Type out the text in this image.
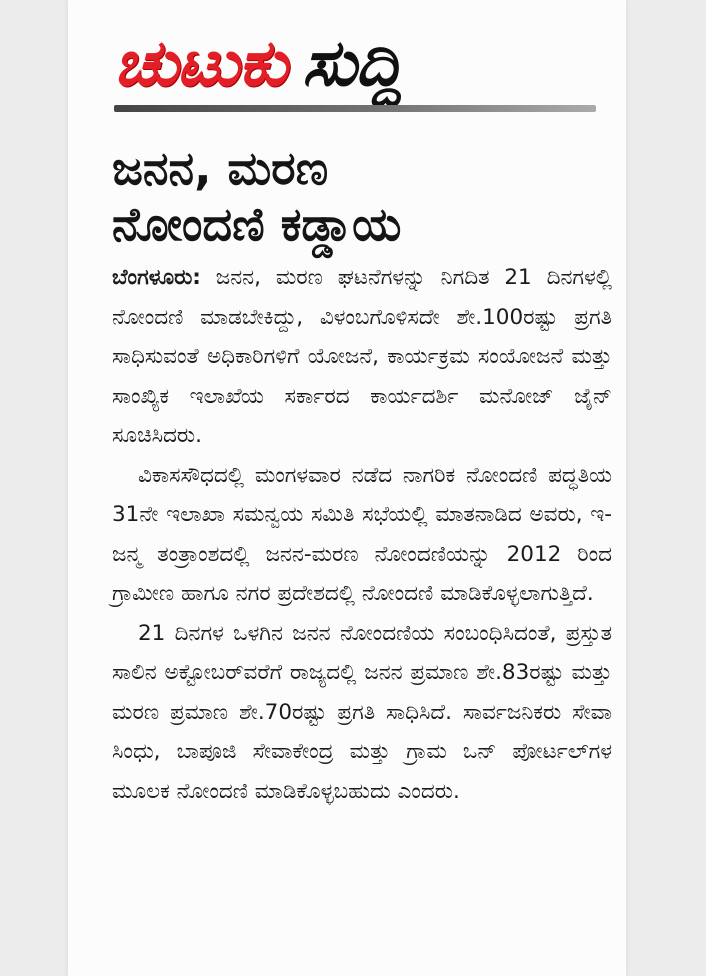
ಚುಟುಕು ಸುದ್ದಿ
ಜನನ, ಮರಣ
ನೋಂದಣಿ ಕಡ್ಡಾಯ

ಬೆಂಗಳೂರು: ಜನನ, ಮರಣ ಘಟನೆಗಳನ್ನು ನಿಗದಿತ 21 ದಿನಗಳಲ್ಲಿ ನೋಂದಣಿ ಮಾಡಬೇಕಿದ್ದು, ವಿಳಂಬಗೊಳಿಸದೇ ಶೇ.100ರಷ್ಟು ಪ್ರಗತಿ ಸಾಧಿಸುವಂತೆ ಅಧಿಕಾರಿಗಳಿಗೆ ಯೋಜನೆ, ಕಾರ್ಯಕ್ರಮ ಸಂಯೋಜನೆ ಮತ್ತು ಸಾಂಖ್ಯಿಕ ಇಲಾಖೆಯ ಸರ್ಕಾರದ ಕಾರ್ಯದರ್ಶಿ ಮನೋಜ್ ಜೈನ್ ಸೂಚಿಸಿದರು.

ವಿಕಾಸಸೌಧದಲ್ಲಿ ಮಂಗಳವಾರ ನಡೆದ ನಾಗರಿಕ ನೋಂದಣಿ ಪದ್ಧತಿಯ 31ನೇ ಇಲಾಖಾ ಸಮನ್ವಯ ಸಮಿತಿ ಸಭೆಯಲ್ಲಿ ಮಾತನಾಡಿದ ಅವರು, ಇ-ಜನ್ಮ ತಂತ್ರಾಂಶದಲ್ಲಿ ಜನನ-ಮರಣ ನೋಂದಣಿಯನ್ನು 2012 ರಿಂದ ಗ್ರಾಮೀಣ ಹಾಗೂ ನಗರ ಪ್ರದೇಶದಲ್ಲಿ ನೋಂದಣಿ ಮಾಡಿಕೊಳ್ಳಲಾಗುತ್ತಿದೆ.

21 ದಿನಗಳ ಒಳಗಿನ ಜನನ ನೋಂದಣಿಯ ಸಂಬಂಧಿಸಿದಂತೆ, ಪ್ರಸ್ತುತ ಸಾಲಿನ ಅಕ್ಟೋಬರ್‌ವರೆಗೆ ರಾಜ್ಯದಲ್ಲಿ ಜನನ ಪ್ರಮಾಣ ಶೇ.83ರಷ್ಟು ಮತ್ತು ಮರಣ ಪ್ರಮಾಣ ಶೇ.70ರಷ್ಟು ಪ್ರಗತಿ ಸಾಧಿಸಿದೆ. ಸಾರ್ವಜನಿಕರು ಸೇವಾ ಸಿಂಧು, ಬಾಪೂಜಿ ಸೇವಾಕೇಂದ್ರ ಮತ್ತು ಗ್ರಾಮ ಒನ್ ಪೋರ್ಟಲ್‌ಗಳ ಮೂಲಕ ನೋಂದಣಿ ಮಾಡಿಕೊಳ್ಳಬಹುದು ಎಂದರು.
